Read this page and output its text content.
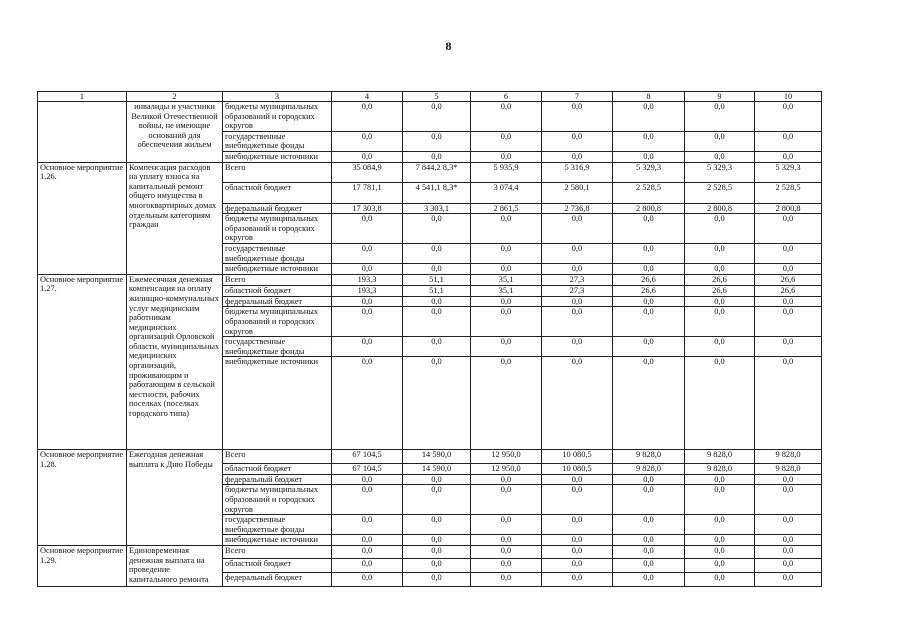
8
1	2	3	4	5	6	7	8	9	10
	инвалиды и участники Великой Отечественной войны, не имеющие оснований для обеспечения жильем	бюджеты муниципальных образований и городских округов	0,0	0,0	0,0	0,0	0,0	0,0	0,0
		государственные внебюджетные фонды	0,0	0,0	0,0	0,0	0,0	0,0	0,0
		внебюджетные источники	0,0	0,0	0,0	0,0	0,0	0,0	0,0
Основное мероприятие 1.26.	Компенсация расходов на уплату взноса на капитальный ремонт общего имущества в многоквартирных домах отдельным категориям граждан	Всего	35 084,9	7 844,2 8,3*	5 935,9	5 316,9	5 329,3	5 329,3	5 329,3
		областной бюджет	17 781,1	4 541,1 8,3*	3 074,4	2 580,1	2 528,5	2 528,5	2 528,5
		федеральный бюджет	17 303,8	3 303,1	2 861,5	2 736,8	2 800,8	2 800,8	2 800,8
		бюджеты муниципальных образований и городских округов	0,0	0,0	0,0	0,0	0,0	0,0	0,0
		государственные внебюджетные фонды	0,0	0,0	0,0	0,0	0,0	0,0	0,0
		внебюджетные источники	0,0	0,0	0,0	0,0	0,0	0,0	0,0
Основное мероприятие 1.27.	Ежемесячная денежная компенсация на оплату жилищно-коммунальных услуг медицинским работникам медицинских организаций Орловской области, муниципальных медицинских организаций, проживающим и работающим в сельской местности, рабочих поселках (поселках городского типа)	Всего	193,3	51,1	35,1	27,3	26,6	26,6	26,6
		областной бюджет	193,3	51,1	35,1	27,3	26,6	26,6	26,6
		федеральный бюджет	0,0	0,0	0,0	0,0	0,0	0,0	0,0
		бюджеты муниципальных образований и городских округов	0,0	0,0	0,0	0,0	0,0	0,0	0,0
		государственные внебюджетные фонды	0,0	0,0	0,0	0,0	0,0	0,0	0,0
		внебюджетные источники	0,0	0,0	0,0	0,0	0,0	0,0	0,0
Основное мероприятие 1.28.	Ежегодная денежная выплата к Дню Победы	Всего	67 104,5	14 590,0	12 950,0	10 080,5	9 828,0	9 828,0	9 828,0
		областной бюджет	67 104,5	14 590,0	12 950,0	10 080,5	9 828,0	9 828,0	9 828,0
		федеральный бюджет	0,0	0,0	0,0	0,0	0,0	0,0	0,0
		бюджеты муниципальных образований и городских округов	0,0	0,0	0,0	0,0	0,0	0,0	0,0
		государственные внебюджетные фонды	0,0	0,0	0,0	0,0	0,0	0,0	0,0
		внебюджетные источники	0,0	0,0	0,0	0,0	0,0	0,0	0,0
Основное мероприятие 1.29.	Единовременная денежная выплата на проведение капитального ремонта	Всего	0,0	0,0	0,0	0,0	0,0	0,0	0,0
		областной бюджет	0,0	0,0	0,0	0,0	0,0	0,0	0,0
		федеральный бюджет	0,0	0,0	0,0	0,0	0,0	0,0	0,0
